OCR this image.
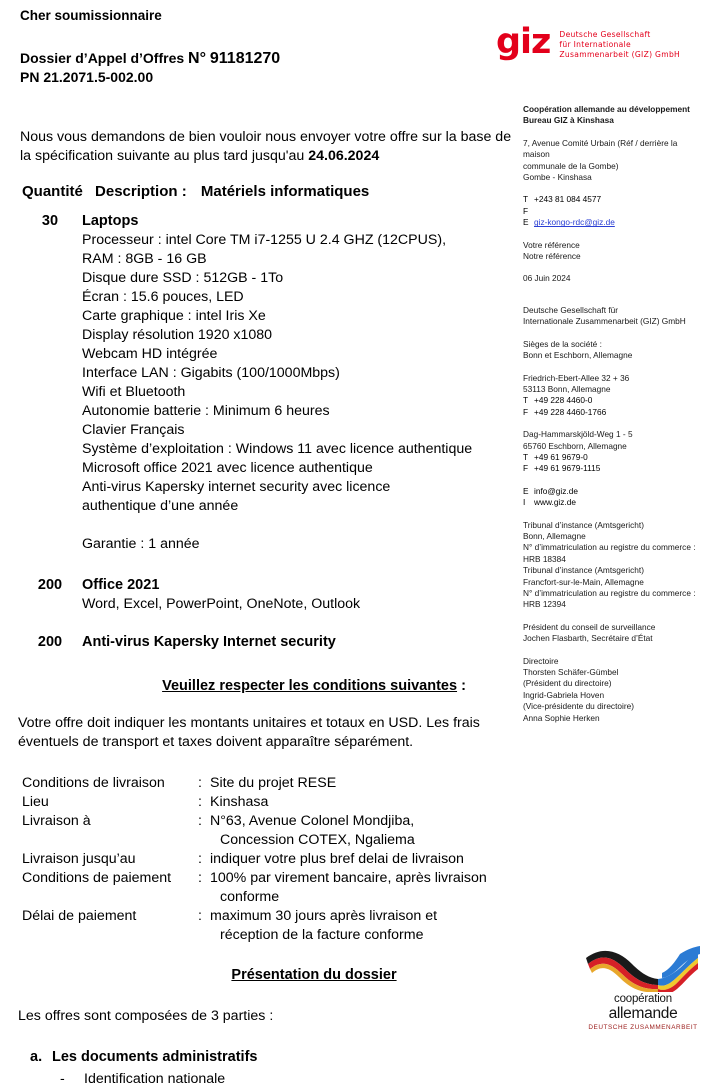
giz Deutsche Gesellschaft
für Internationale
Zusammenarbeit (GIZ) GmbH
Cher soumissionnaire
Dossier d’Appel d’Offres N° 91181270
PN 21.2071.5-002.00
Nous vous demandons de bien vouloir nous envoyer votre offre sur la base de la spécification suivante au plus tard jusqu'au 24.06.2024
Quantité Description : Matériels informatiques
30	Laptops
Processeur : intel Core TM i7-1255 U 2.4 GHZ (12CPUS),
RAM : 8GB - 16 GB
Disque dure SSD : 512GB - 1To
Écran : 15.6 pouces, LED
Carte graphique : intel Iris Xe
Display résolution 1920 x1080
Webcam HD intégrée
Interface LAN : Gigabits (100/1000Mbps)
Wifi et Bluetooth
Autonomie batterie : Minimum 6 heures
Clavier Français
Système d’exploitation : Windows 11 avec licence authentique
Microsoft office 2021 avec licence authentique
Anti-virus Kapersky internet security avec licence
authentique d’une année
Garantie : 1 année
200	Office 2021
Word, Excel, PowerPoint, OneNote, Outlook
200	Anti-virus Kapersky Internet security
Veuillez respecter les conditions suivantes :
Votre offre doit indiquer les montants unitaires et totaux en USD. Les frais éventuels de transport et taxes doivent apparaître séparément.
Conditions de livraison	:	Site du projet RESE
Lieu	:	Kinshasa
Livraison à	:	N°63, Avenue Colonel Mondjiba,
Concession COTEX, Ngaliema

Livraison jusqu’au	:	indiquer votre plus bref delai de livraison
Conditions de paiement	:	100% par virement bancaire, après livraison
conforme

Délai de paiement	:	maximum 30 jours après livraison et
réception de la facture conforme
Présentation du dossier
Les offres sont composées de 3 parties :
a. Les documents administratifs
- Identification nationale
Coopération allemande au développement
Bureau GIZ à Kinshasa
7, Avenue Comité Urbain (Réf / derrière la maison
communale de la Gombe)
Gombe - Kinshasa
T +243 81 084 4577
F
E giz-kongo-rdc@giz.de
Votre référence
Notre référence
06 Juin 2024
Deutsche Gesellschaft für
Internationale Zusammenarbeit (GIZ) GmbH
Sièges de la société :
Bonn et Eschborn, Allemagne
Friedrich-Ebert-Allee 32 + 36
53113 Bonn, Allemagne
T +49 228 4460-0
F +49 228 4460-1766
Dag-Hammarskjöld-Weg 1 - 5
65760 Eschborn, Allemagne
T +49 61 9679-0
F +49 61 9679-1115
E info@giz.de
I	www.giz.de
Tribunal d’instance (Amtsgericht)
Bonn, Allemagne
N° d’immatriculation au registre du commerce :
HRB 18384
Tribunal d’instance (Amtsgericht)
Francfort-sur-le-Main, Allemagne
N° d’immatriculation au registre du commerce :
HRB 12394
Président du conseil de surveillance
Jochen Flasbarth, Secrétaire d’État
Directoire
Thorsten Schäfer-Gümbel
(Président du directoire)
Ingrid-Gabriela Hoven
(Vice-présidente du directoire)
Anna Sophie Herken
coopération
allemande
DEUTSCHE ZUSAMMENARBEIT
